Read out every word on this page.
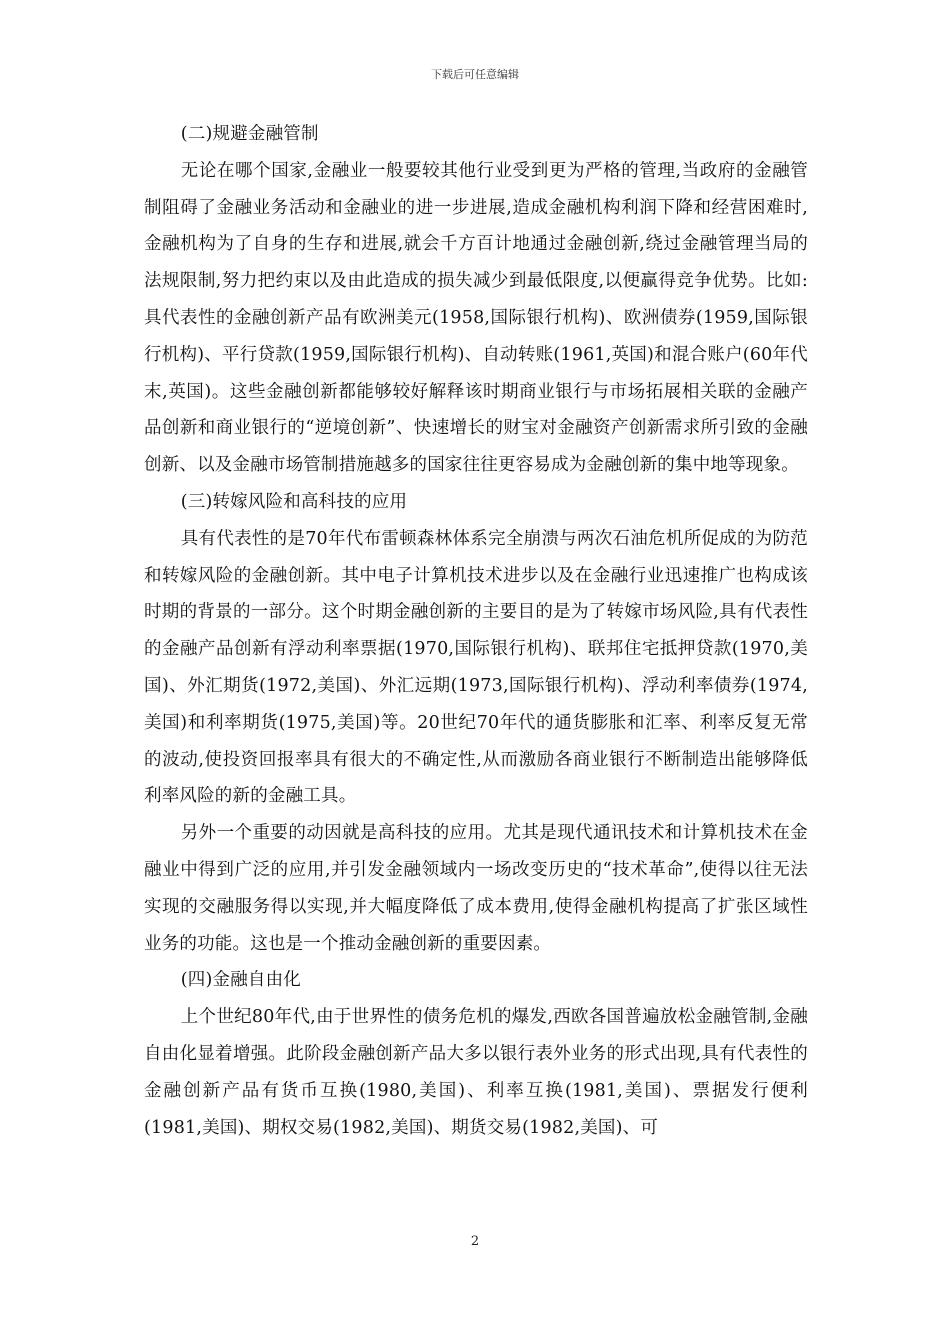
下载后可任意编辑

(二)规避金融管制

无论在哪个国家,金融业一般要较其他行业受到更为严格的管理,当政府的金融管制阻碍了金融业务活动和金融业的进一步进展,造成金融机构利润下降和经营困难时,金融机构为了自身的生存和进展,就会千方百计地通过金融创新,绕过金融管理当局的法规限制,努力把约束以及由此造成的损失减少到最低限度,以便赢得竞争优势。比如:具代表性的金融创新产品有欧洲美元(1958,国际银行机构)、欧洲债券(1959,国际银行机构)、平行贷款(1959,国际银行机构)、自动转账(1961,英国)和混合账户(60年代末,英国)。这些金融创新都能够较好解释该时期商业银行与市场拓展相关联的金融产品创新和商业银行的“逆境创新”、快速增长的财宝对金融资产创新需求所引致的金融创新、以及金融市场管制措施越多的国家往往更容易成为金融创新的集中地等现象。

(三)转嫁风险和高科技的应用

具有代表性的是70年代布雷顿森林体系完全崩溃与两次石油危机所促成的为防范和转嫁风险的金融创新。其中电子计算机技术进步以及在金融行业迅速推广也构成该时期的背景的一部分。这个时期金融创新的主要目的是为了转嫁市场风险,具有代表性的金融产品创新有浮动利率票据(1970,国际银行机构)、联邦住宅抵押贷款(1970,美国)、外汇期货(1972,美国)、外汇远期(1973,国际银行机构)、浮动利率债券(1974,美国)和利率期货(1975,美国)等。20世纪70年代的通货膨胀和汇率、利率反复无常的波动,使投资回报率具有很大的不确定性,从而激励各商业银行不断制造出能够降低利率风险的新的金融工具。

另外一个重要的动因就是高科技的应用。尤其是现代通讯技术和计算机技术在金融业中得到广泛的应用,并引发金融领域内一场改变历史的“技术革命”,使得以往无法实现的交融服务得以实现,并大幅度降低了成本费用,使得金融机构提高了扩张区域性业务的功能。这也是一个推动金融创新的重要因素。

(四)金融自由化

上个世纪80年代,由于世界性的债务危机的爆发,西欧各国普遍放松金融管制,金融自由化显着增强。此阶段金融创新产品大多以银行表外业务的形式出现,具有代表性的金融创新产品有货币互换(1980,美国)、利率互换(1981,美国)、票据发行便利(1981,美国)、期权交易(1982,美国)、期货交易(1982,美国)、可

2
